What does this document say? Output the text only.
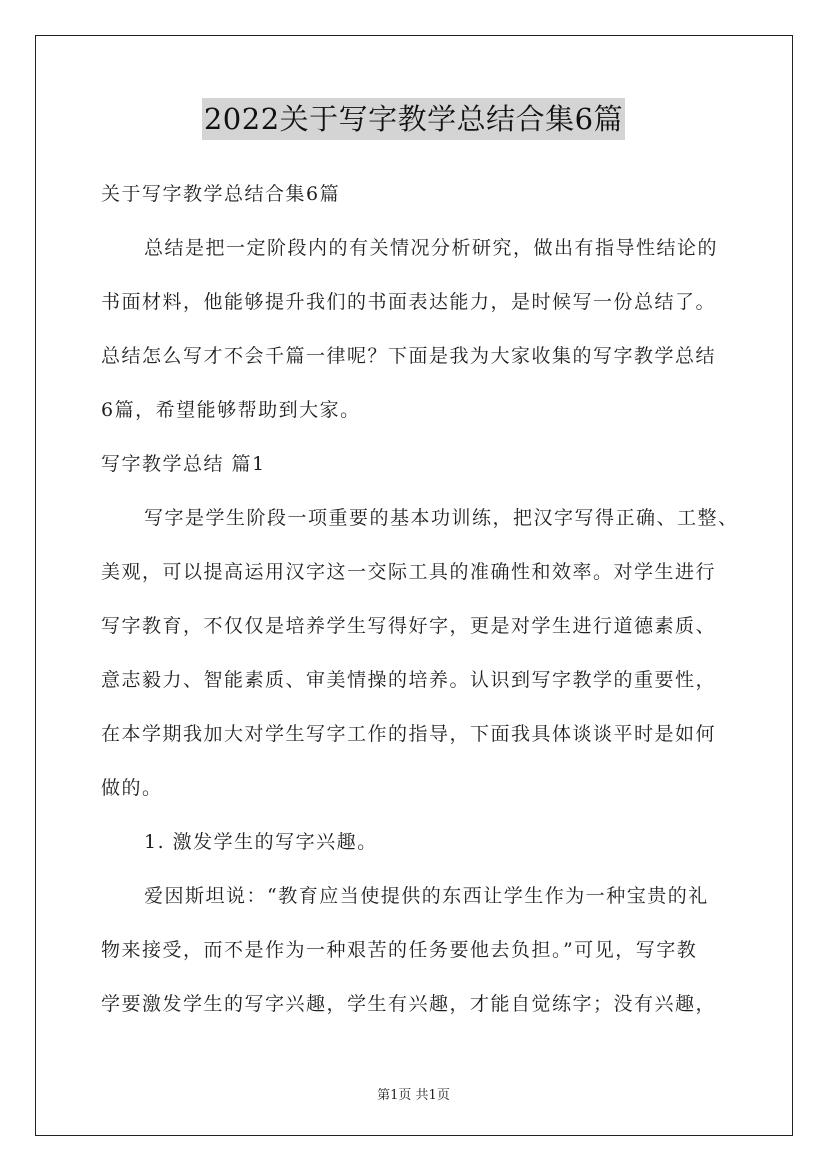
2022关于写字教学总结合集6篇
关于写字教学总结合集6篇
总结是把一定阶段内的有关情况分析研究，做出有指导性结论的
书面材料，他能够提升我们的书面表达能力，是时候写一份总结了。
总结怎么写才不会千篇一律呢？下面是我为大家收集的写字教学总结
6篇，希望能够帮助到大家。
写字教学总结 篇1
写字是学生阶段一项重要的基本功训练，把汉字写得正确、工整、
美观，可以提高运用汉字这一交际工具的准确性和效率。对学生进行
写字教育，不仅仅是培养学生写得好字，更是对学生进行道德素质、
意志毅力、智能素质、审美情操的培养。认识到写字教学的重要性，
在本学期我加大对学生写字工作的指导，下面我具体谈谈平时是如何
做的。
1. 激发学生的写字兴趣。
爱因斯坦说：“教育应当使提供的东西让学生作为一种宝贵的礼
物来接受，而不是作为一种艰苦的任务要他去负担。”可见，写字教
学要激发学生的写字兴趣，学生有兴趣，才能自觉练字；没有兴趣，
第1页 共1页
